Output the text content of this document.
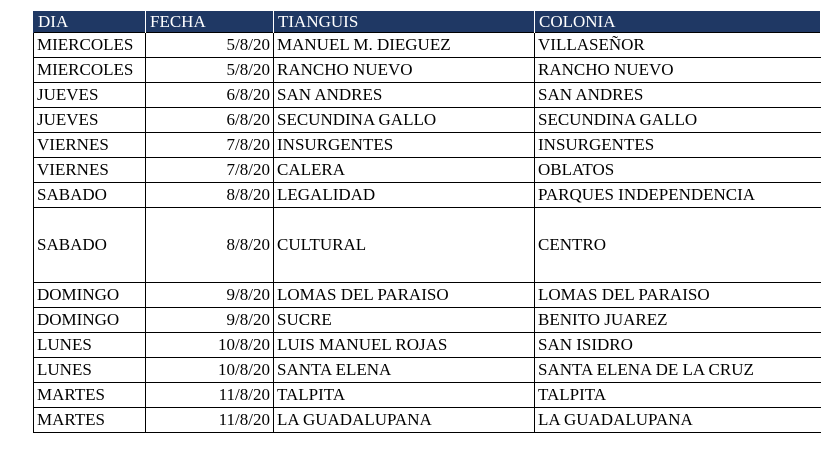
DIA	FECHA	TIANGUIS	COLONIA
MIERCOLES	5/8/20	MANUEL M. DIEGUEZ	VILLASEÑOR
MIERCOLES	5/8/20	RANCHO NUEVO	RANCHO NUEVO
JUEVES	6/8/20	SAN ANDRES	SAN ANDRES
JUEVES	6/8/20	SECUNDINA GALLO	SECUNDINA GALLO
VIERNES	7/8/20	INSURGENTES	INSURGENTES
VIERNES	7/8/20	CALERA	OBLATOS
SABADO	8/8/20	LEGALIDAD	PARQUES INDEPENDENCIA
SABADO	8/8/20	CULTURAL	CENTRO
DOMINGO	9/8/20	LOMAS DEL PARAISO	LOMAS DEL PARAISO
DOMINGO	9/8/20	SUCRE	BENITO JUAREZ
LUNES	10/8/20	LUIS MANUEL ROJAS	SAN ISIDRO
LUNES	10/8/20	SANTA ELENA	SANTA ELENA DE LA CRUZ
MARTES	11/8/20	TALPITA	TALPITA
MARTES	11/8/20	LA GUADALUPANA	LA GUADALUPANA
